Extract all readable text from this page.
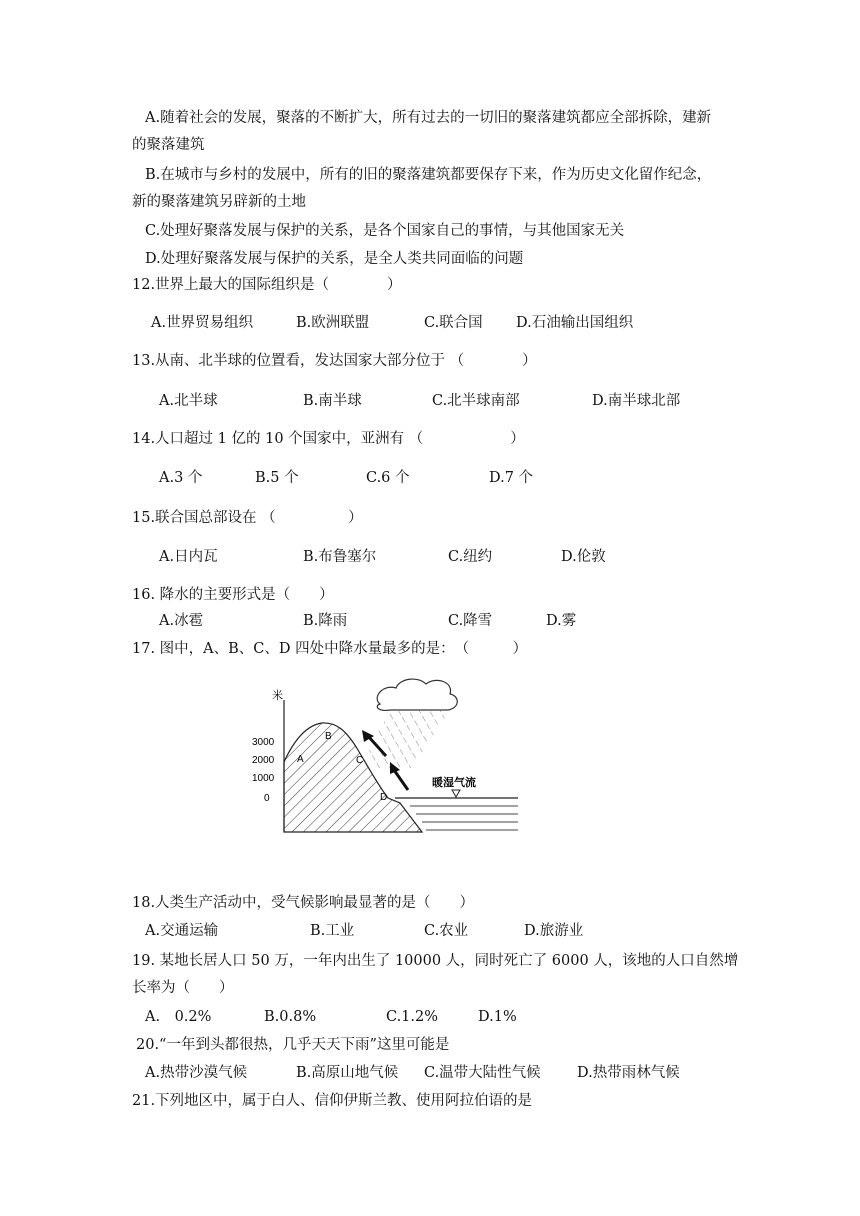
A.随着社会的发展，聚落的不断扩大，所有过去的一切旧的聚落建筑都应全部拆除，建新
的聚落建筑
B.在城市与乡村的发展中，所有的旧的聚落建筑都要保存下来，作为历史文化留作纪念，
新的聚落建筑另辟新的土地
C.处理好聚落发展与保护的关系，是各个国家自己的事情，与其他国家无关
D.处理好聚落发展与保护的关系，是全人类共同面临的问题
12.世界上最大的国际组织是（　　　　）
A.世界贸易组织	B.欧洲联盟	C.联合国 D.石油输出国组织
13.从南、北半球的位置看，发达国家大部分位于 （　　　　）
A.北半球	B.南半球	C.北半球南部	D.南半球北部
14.人口超过 1 亿的 10 个国家中，亚洲有 （　　　　　　）
A.3 个	B.5 个	C.6 个	D.7 个
15.联合国总部设在 （　　　　　）
A.日内瓦	B.布鲁塞尔	C.纽约	D.伦敦
16. 降水的主要形式是（　　）
A.冰雹	B.降雨	C.降雪	D.雾
17. 图中，A、B、C、D 四处中降水量最多的是：　（　　　）
米
3000
2000
1000
0
A
B
C
D
暖湿气流
18.人类生产活动中，受气候影响最显著的是（　　）
A.交通运输	B.工业	C.农业	D.旅游业
19. 某地长居人口 50 万，一年内出生了 10000 人，同时死亡了 6000 人，该地的人口自然增
长率为（　　）
A.　0.2%	B.0.8%	C.1.2%	D.1%
20.“一年到头都很热，几乎天天下雨”这里可能是
A.热带沙漠气候	B.高原山地气候 C.温带大陆性气候	D.热带雨林气候
21.下列地区中，属于白人、信仰伊斯兰教、使用阿拉伯语的是
